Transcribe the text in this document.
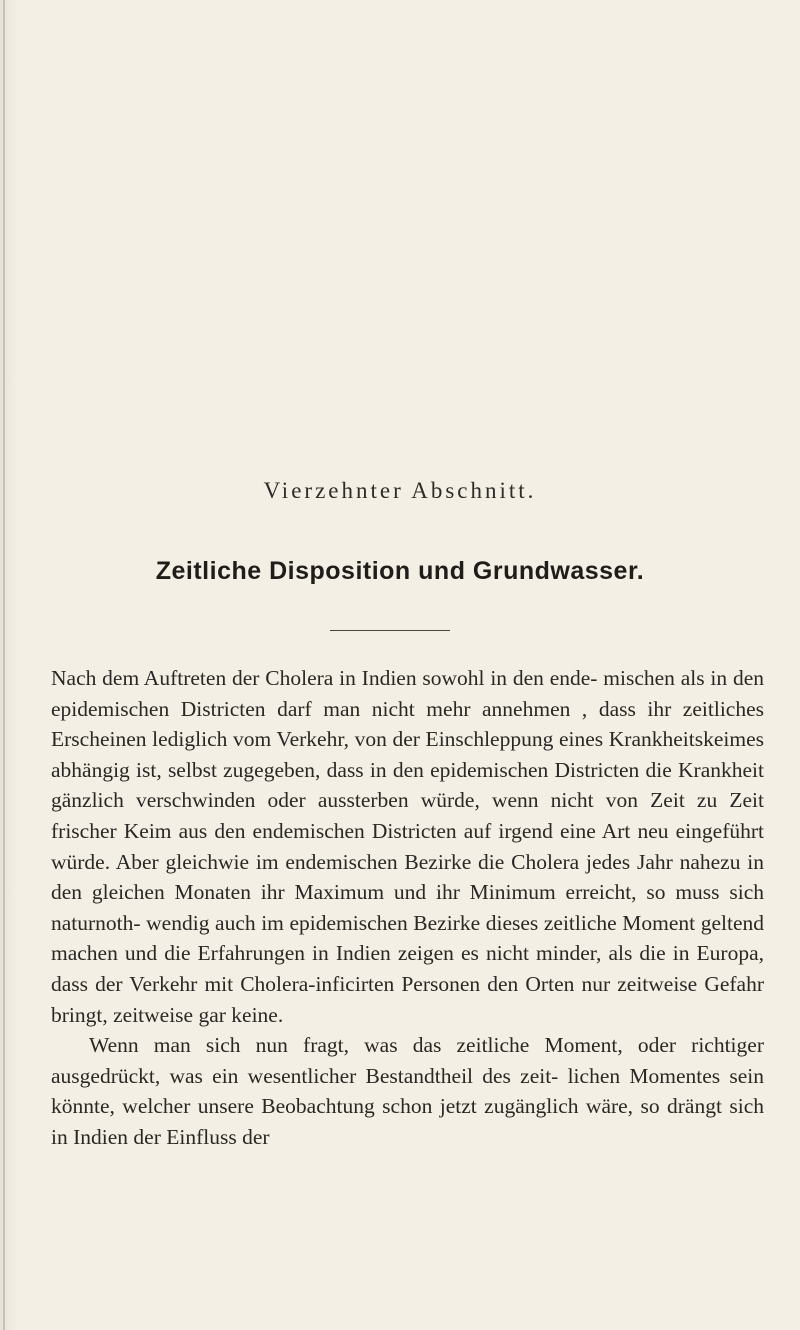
Vierzehnter Abschnitt.
Zeitliche Disposition und Grundwasser.

Nach dem Auftreten der Cholera in Indien sowohl in den ende- mischen als in den epidemischen Districten darf man nicht mehr annehmen , dass ihr zeitliches Erscheinen lediglich vom Verkehr, von der Einschleppung eines Krankheitskeimes abhängig ist, selbst zugegeben, dass in den epidemischen Districten die Krankheit gänzlich verschwinden oder aussterben würde, wenn nicht von Zeit zu Zeit frischer Keim aus den endemischen Districten auf irgend eine Art neu eingeführt würde. Aber gleichwie im endemischen Bezirke die Cholera jedes Jahr nahezu in den gleichen Monaten ihr Maximum und ihr Minimum erreicht, so muss sich naturnoth- wendig auch im epidemischen Bezirke dieses zeitliche Moment geltend machen und die Erfahrungen in Indien zeigen es nicht minder, als die in Europa, dass der Verkehr mit Cholera-inficirten Personen den Orten nur zeitweise Gefahr bringt, zeitweise gar keine.

Wenn man sich nun fragt, was das zeitliche Moment, oder richtiger ausgedrückt, was ein wesentlicher Bestandtheil des zeit- lichen Momentes sein könnte, welcher unsere Beobachtung schon jetzt zugänglich wäre, so drängt sich in Indien der Einfluss der
